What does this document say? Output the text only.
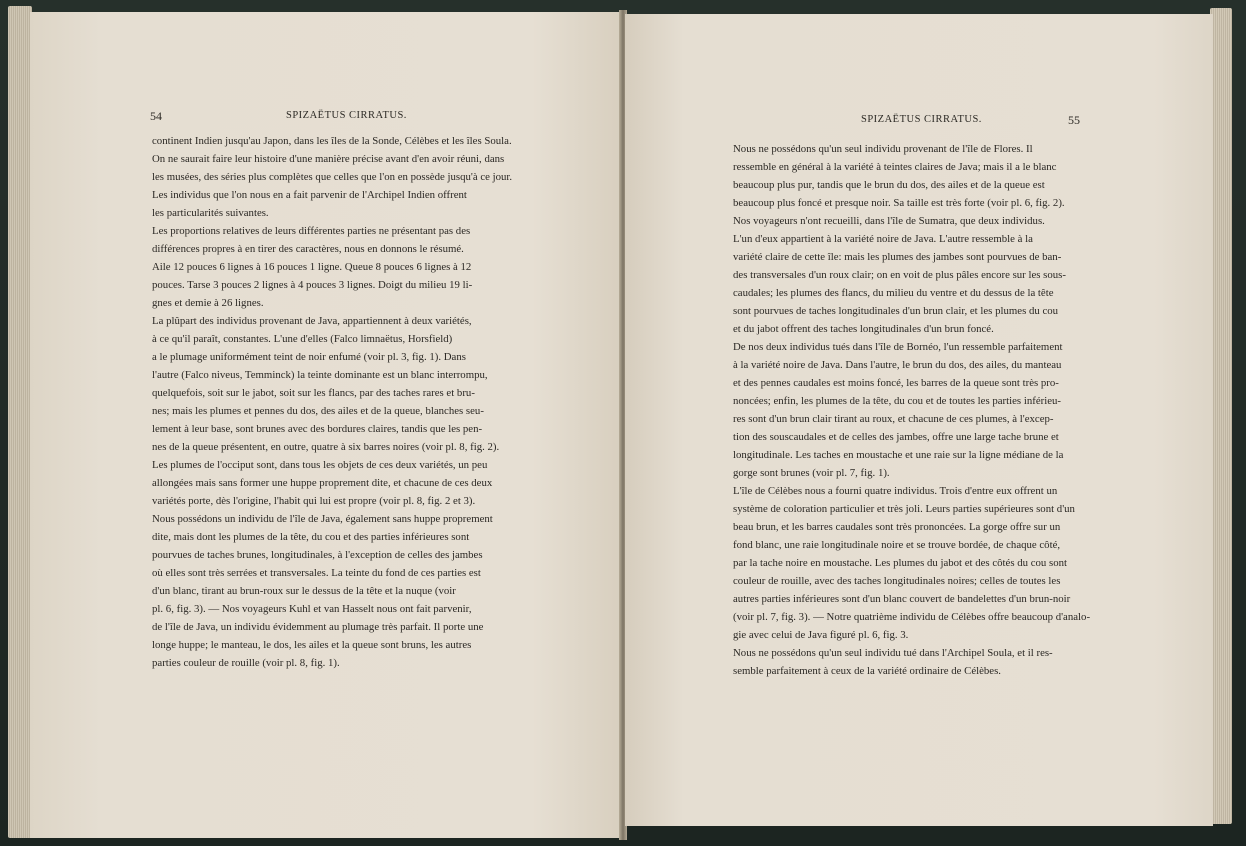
54	SPIZAËTUS CIRRATUS.
continent Indien jusqu'au Japon, dans les îles de la Sonde, Célèbes et les îles Soula.
On ne saurait faire leur histoire d'une manière précise avant d'en avoir réuni, dans
les musées, des séries plus complètes que celles que l'on en possède jusqu'à ce jour.
Les individus que l'on nous en a fait parvenir de l'Archipel Indien offrent
les particularités suivantes.
Les proportions relatives de leurs différentes parties ne présentant pas des
différences propres à en tirer des caractères, nous en donnons le résumé.
Aile 12 pouces 6 lignes à 16 pouces 1 ligne. Queue 8 pouces 6 lignes à 12
pouces. Tarse 3 pouces 2 lignes à 4 pouces 3 lignes. Doigt du milieu 19 li-
gnes et demie à 26 lignes.
La plûpart des individus provenant de Java, appartiennent à deux variétés,
à ce qu'il paraît, constantes. L'une d'elles (Falco limnaëtus, Horsfield)
a le plumage uniformément teint de noir enfumé (voir pl. 3, fig. 1). Dans
l'autre (Falco niveus, Temminck) la teinte dominante est un blanc interrompu,
quelquefois, soit sur le jabot, soit sur les flancs, par des taches rares et bru-
nes; mais les plumes et pennes du dos, des ailes et de la queue, blanches seu-
lement à leur base, sont brunes avec des bordures claires, tandis que les pen-
nes de la queue présentent, en outre, quatre à six barres noires (voir pl. 8, fig. 2).
Les plumes de l'occiput sont, dans tous les objets de ces deux variétés, un peu
allongées mais sans former une huppe proprement dite, et chacune de ces deux
variétés porte, dès l'origine, l'habit qui lui est propre (voir pl. 8, fig. 2 et 3).
Nous possédons un individu de l'île de Java, également sans huppe proprement
dite, mais dont les plumes de la tête, du cou et des parties inférieures sont
pourvues de taches brunes, longitudinales, à l'exception de celles des jambes
où elles sont très serrées et transversales. La teinte du fond de ces parties est
d'un blanc, tirant au brun-roux sur le dessus de la tête et la nuque (voir
pl. 6, fig. 3). — Nos voyageurs Kuhl et van Hasselt nous ont fait parvenir,
de l'île de Java, un individu évidemment au plumage très parfait. Il porte une
longe huppe; le manteau, le dos, les ailes et la queue sont bruns, les autres
parties couleur de rouille (voir pl. 8, fig. 1).
SPIZAËTUS CIRRATUS.	55
Nous ne possédons qu'un seul individu provenant de l'île de Flores. Il
ressemble en général à la variété à teintes claires de Java; mais il a le blanc
beaucoup plus pur, tandis que le brun du dos, des ailes et de la queue est
beaucoup plus foncé et presque noir. Sa taille est très forte (voir pl. 6, fig. 2).
Nos voyageurs n'ont recueilli, dans l'île de Sumatra, que deux individus.
L'un d'eux appartient à la variété noire de Java. L'autre ressemble à la
variété claire de cette île: mais les plumes des jambes sont pourvues de ban-
des transversales d'un roux clair; on en voit de plus pâles encore sur les sous-
caudales; les plumes des flancs, du milieu du ventre et du dessus de la tête
sont pourvues de taches longitudinales d'un brun clair, et les plumes du cou
et du jabot offrent des taches longitudinales d'un brun foncé.
De nos deux individus tués dans l'île de Bornéo, l'un ressemble parfaitement
à la variété noire de Java. Dans l'autre, le brun du dos, des ailes, du manteau
et des pennes caudales est moins foncé, les barres de la queue sont très pro-
noncées; enfin, les plumes de la tête, du cou et de toutes les parties inférieu-
res sont d'un brun clair tirant au roux, et chacune de ces plumes, à l'excep-
tion des souscaudales et de celles des jambes, offre une large tache brune et
longitudinale. Les taches en moustache et une raie sur la ligne médiane de la
gorge sont brunes (voir pl. 7, fig. 1).
L'île de Célèbes nous a fourni quatre individus. Trois d'entre eux offrent un
système de coloration particulier et très joli. Leurs parties supérieures sont d'un
beau brun, et les barres caudales sont très prononcées. La gorge offre sur un
fond blanc, une raie longitudinale noire et se trouve bordée, de chaque côté,
par la tache noire en moustache. Les plumes du jabot et des côtés du cou sont
couleur de rouille, avec des taches longitudinales noires; celles de toutes les
autres parties inférieures sont d'un blanc couvert de bandelettes d'un brun-noir
(voir pl. 7, fig. 3). — Notre quatrième individu de Célèbes offre beaucoup d'analo-
gie avec celui de Java figuré pl. 6, fig. 3.
Nous ne possédons qu'un seul individu tué dans l'Archipel Soula, et il res-
semble parfaitement à ceux de la variété ordinaire de Célèbes.
